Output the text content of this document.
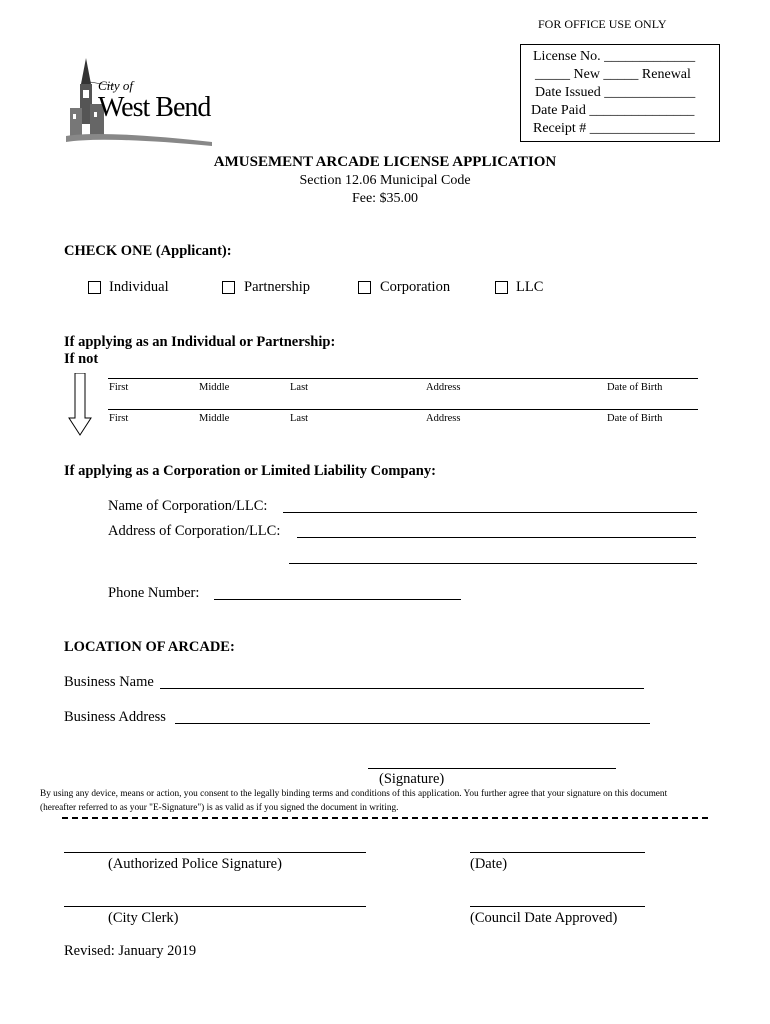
FOR OFFICE USE ONLY
License No. _____________
_____ New _____ Renewal
Date Issued _____________
Date Paid _______________
Receipt # _______________
City of
West Bend
AMUSEMENT ARCADE LICENSE APPLICATION
Section 12.06 Municipal Code
Fee: $35.00
CHECK ONE (Applicant):
Individual	Partnership	Corporation	LLC
If applying as an Individual or Partnership:
If not
First	Middle	Last	Address	Date of Birth
First	Middle	Last	Address	Date of Birth
If applying as a Corporation or Limited Liability Company:
Name of Corporation/LLC:
Address of Corporation/LLC:
Phone Number:
LOCATION OF ARCADE:
Business Name
Business Address
(Signature)
By using any device, means or action, you consent to the legally binding terms and conditions of this application. You further agree that your signature on this document
(hereafter referred to as your "E-Signature") is as valid as if you signed the document in writing.
(Authorized Police Signature)	(Date)
(City Clerk)	(Council Date Approved)
Revised: January 2019
